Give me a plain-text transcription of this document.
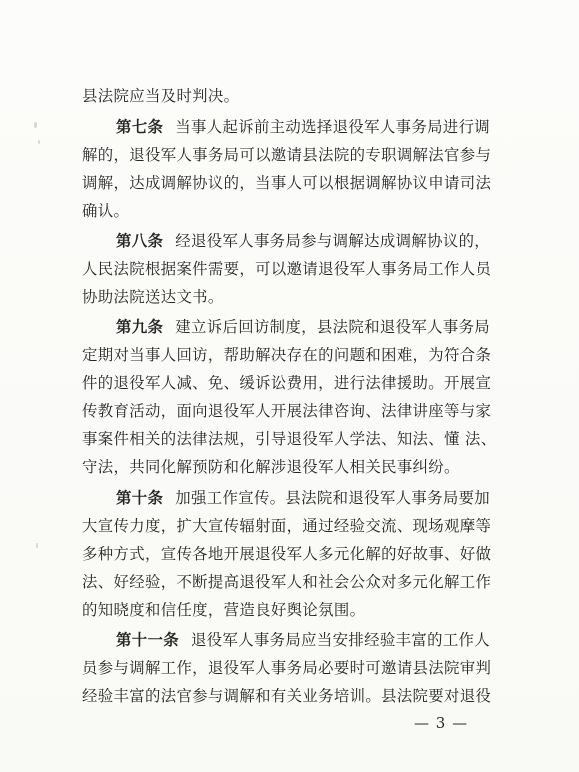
县法院应当及时判决。
第七条 当事人起诉前主动选择退役军人事务局进行调
解的，退役军人事务局可以邀请县法院的专职调解法官参与
调解，达成调解协议的，当事人可以根据调解协议申请司法
确认。
第八条 经退役军人事务局参与调解达成调解协议的，
人民法院根据案件需要，可以邀请退役军人事务局工作人员
协助法院送达文书。
第九条 建立诉后回访制度，县法院和退役军人事务局
定期对当事人回访，帮助解决存在的问题和困难，为符合条
件的退役军人减、免、缓诉讼费用，进行法律援助。开展宣
传教育活动，面向退役军人开展法律咨询、法律讲座等与家
事案件相关的法律法规，引导退役军人学法、知法、懂 法、
守法，共同化解预防和化解涉退役军人相关民事纠纷。
第十条 加强工作宣传。县法院和退役军人事务局要加
大宣传力度，扩大宣传辐射面，通过经验交流、现场观摩等
多种方式，宣传各地开展退役军人多元化解的好故事、好做
法、好经验，不断提高退役军人和社会公众对多元化解工作
的知晓度和信任度，营造良好舆论氛围。
第十一条 退役军人事务局应当安排经验丰富的工作人
员参与调解工作，退役军人事务局必要时可邀请县法院审判
经验丰富的法官参与调解和有关业务培训。县法院要对退役
— 3 —
